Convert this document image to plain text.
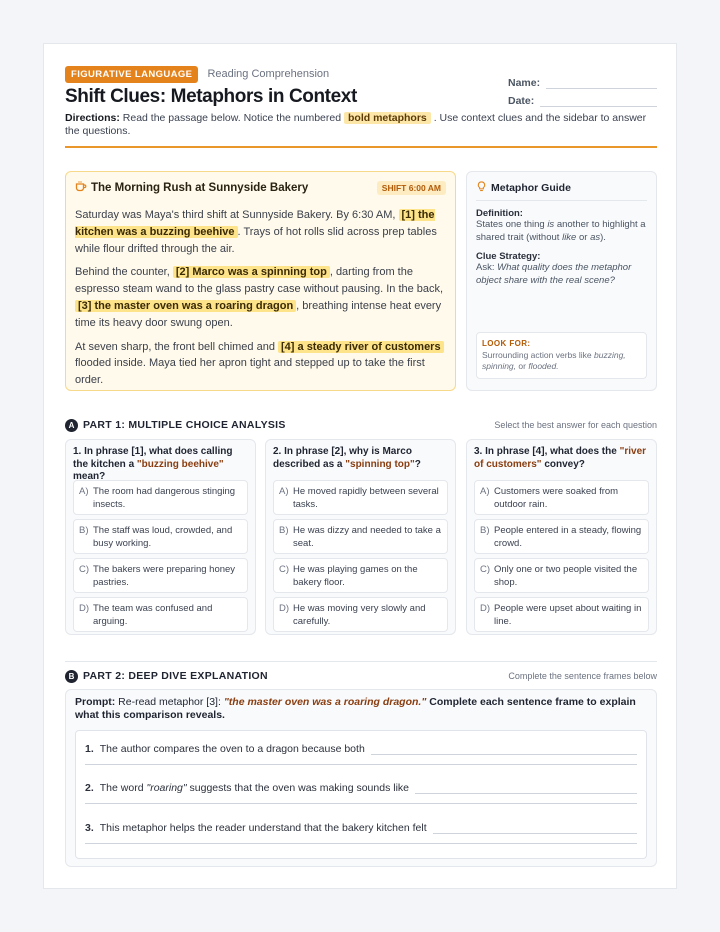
FIGURATIVE LANGUAGE	Reading Comprehension
Shift Clues: Metaphors in Context
Name:
Date:
Directions: Read the passage below. Notice the numbered bold metaphors . Use context clues and the sidebar to answer the questions.
The Morning Rush at Sunnyside Bakery	SHIFT 6:00 AM

Saturday was Maya's third shift at Sunnyside Bakery. By 6:30 AM, [1] the kitchen was a buzzing beehive . Trays of hot rolls slid across prep tables while flour drifted through the air.

Behind the counter, [2] Marco was a spinning top , darting from the espresso steam wand to the glass pastry case without pausing. In the back, [3] the master oven was a roaring dragon , breathing intense heat every time its heavy door swung open.

At seven sharp, the front bell chimed and [4] a steady river of customers flooded inside. Maya tied her apron tight and stepped up to take the first order.

Metaphor Guide
Definition:
States one thing is another to highlight a shared trait (without like or as).
Clue Strategy:
Ask: What quality does the metaphor object share with the real scene?
LOOK FOR:
Surrounding action verbs like buzzing, spinning, or flooded.
A PART 1: MULTIPLE CHOICE ANALYSIS	Select the best answer for each question
1. In phrase [1], what does calling the kitchen a "buzzing beehive" mean?
A) The room had dangerous stinging insects.
B) The staff was loud, crowded, and busy working.
C) The bakers were preparing honey pastries.
D) The team was confused and arguing.
2. In phrase [2], why is Marco described as a "spinning top"?
A) He moved rapidly between several tasks.
B) He was dizzy and needed to take a seat.
C) He was playing games on the bakery floor.
D) He was moving very slowly and carefully.
3. In phrase [4], what does the "river of customers" convey?
A) Customers were soaked from outdoor rain.
B) People entered in a steady, flowing crowd.
C) Only one or two people visited the shop.
D) People were upset about waiting in line.
B PART 2: DEEP DIVE EXPLANATION	Complete the sentence frames below
Prompt: Re-read metaphor [3]: "the master oven was a roaring dragon." Complete each sentence frame to explain what this comparison reveals.
1. The author compares the oven to a dragon because both
2. The word
"roaring"
suggests that the oven was making sounds like
3. This metaphor helps the reader understand that the bakery kitchen felt
